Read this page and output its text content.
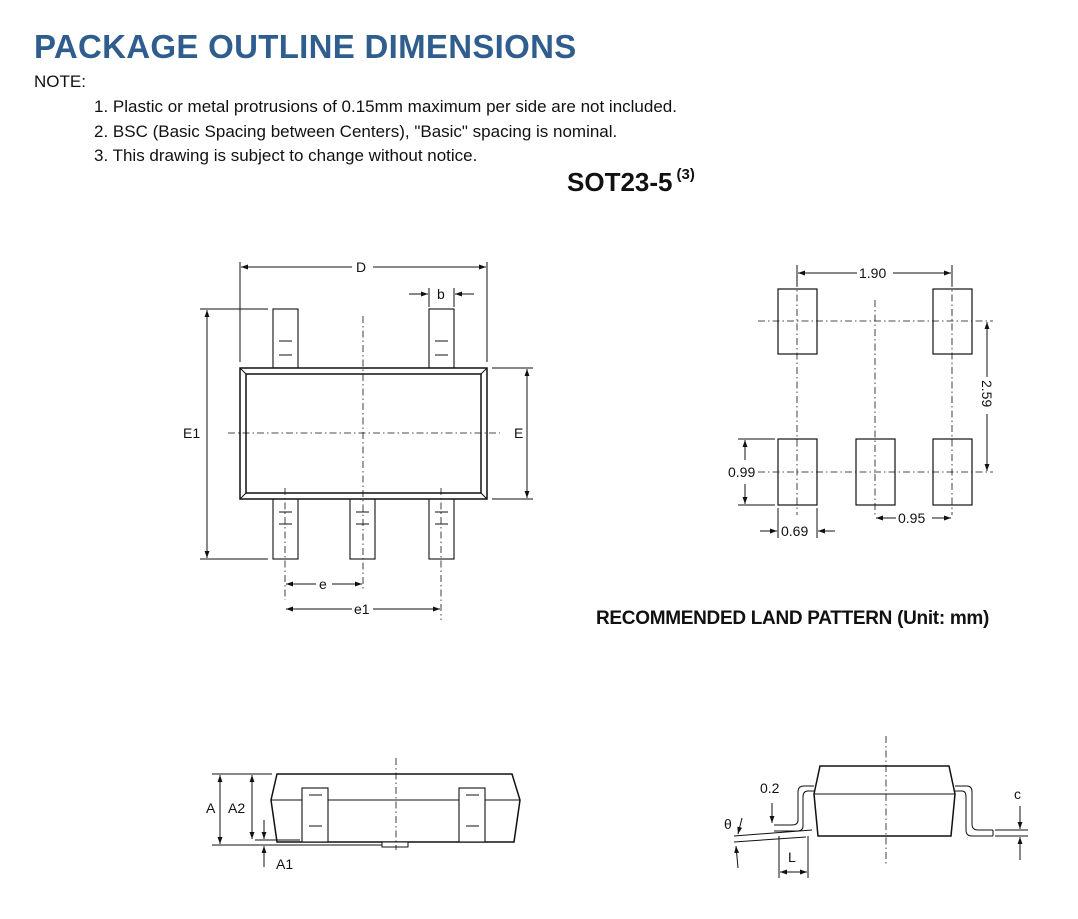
PACKAGE OUTLINE DIMENSIONS
NOTE:
1. Plastic or metal protrusions of 0.15mm maximum per side are not included.
2. BSC (Basic Spacing between Centers), "Basic" spacing is nominal.
3. This drawing is subject to change without notice.
SOT23-5 $^{(3)}$
RECOMMENDED LAND PATTERN (Unit: mm)
D
b
E1	E
e
e1
1.90
2.59
0.99
0.69
0.95
A A2
A1
θ
0.2
L
c
